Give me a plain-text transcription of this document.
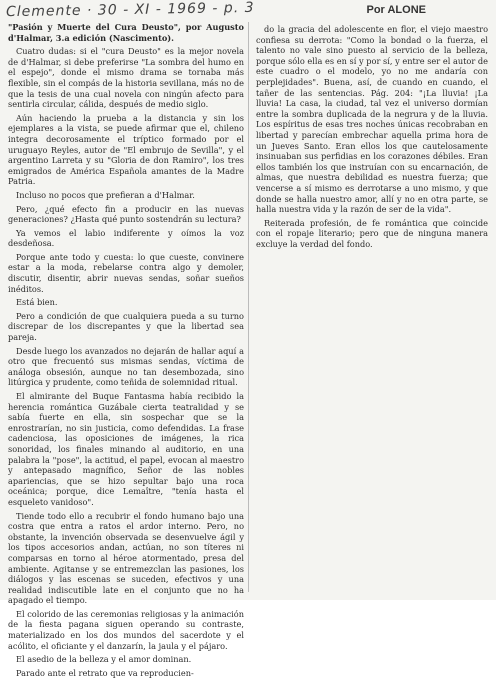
Clemente · 30 - XI - 1969 - p. 3	Por ALONE

"Pasión y Muerte del Cura Deusto", por Augusto d'Halmar, 3.a edición (Nascimento).

Cuatro dudas: si el "cura Deusto" es la mejor novela de d'Halmar, si debe preferirse "La sombra del humo en el espejo", donde el mismo drama se tornaba más flexible, sin el compás de la historia sevillana, más no de que la tesis de una cual novela con ningún afecto para sentirla circular, cálida, después de medio siglo.

Aún haciendo la prueba a la distancia y sin los ejemplares a la vista, se puede afirmar que el, chileno integra decorosamente el tríptico formado por el uruguayo Reyles, autor de "El embrujo de Sevilla", y el argentino Larreta y su "Gloria de don Ramiro", los tres emigrados de América Española amantes de la Madre Patria.

Incluso no pocos que prefieran a d'Halmar.

Pero, ¿qué efecto fin a producir en las nuevas generaciones? ¿Hasta qué punto sostendrán su lectura?

Ya vemos el labio indiferente y oímos la voz desdeñosa.

Porque ante todo y cuesta: lo que cueste, convinere estar a la moda, rebelarse contra algo y demoler, discutir, disentir, abrir nuevas sendas, soñar sueños inéditos.

Está bien.

Pero a condición de que cualquiera pueda a su turno discrepar de los discrepantes y que la libertad sea pareja.

Desde luego los avanzados no dejarán de hallar aquí a otro que frecuentó sus mismas sendas, víctima de análoga obsesión, aunque no tan desembozada, sino litúrgica y prudente, como teñida de solemnidad ritual.

El almirante del Buque Fantasma había recibido la herencia romántica Guzábale cierta teatralidad y se sabía fuerte en ella, sin sospechar que se la enrostrarían, no sin justicia, como defendidas. La frase cadenciosa, las oposiciones de imágenes, la rica sonoridad, los finales minando al auditorio, en una palabra la "pose", la actitud, el papel, evocan al maestro y antepasado magnífico, Señor de las nobles apariencias, que se hizo sepultar bajo una roca oceánica; porque, dice Lemaître, "tenía hasta el esqueleto vanidoso".

Tiende todo ello a recubrir el fondo humano bajo una costra que entra a ratos el ardor interno. Pero, no obstante, la invención observada se desenvuelve ágil y los tipos accesorios andan, actúan, no son títeres ni comparsas en torno al héroe atormentado, presa del ambiente. Agitanse y se entremezclan las pasiones, los diálogos y las escenas se suceden, efectivos y una realidad indiscutible late en el conjunto que no ha apagado el tiempo.

El colorido de las ceremonias religiosas y la animación de la fiesta pagana siguen operando su contraste, materializado en los dos mundos del sacerdote y el acólito, el oficiante y el danzarín, la jaula y el pájaro.

El asedio de la belleza y el amor dominan.

Parado ante el retrato que va reproducien-

do la gracia del adolescente en flor, el viejo maestro confiesa su derrota: "Como la bondad o la fuerza, el talento no vale sino puesto al servicio de la belleza, porque sólo ella es en sí y por sí, y entre ser el autor de este cuadro o el modelo, yo no me andaría con perplejidades". Buena, así, de cuando en cuando, el tañer de las sentencias. Pág. 204: "¡La lluvia! ¡La lluvia! La casa, la ciudad, tal vez el universo dormían entre la sombra duplicada de la negrura y de la lluvia. Los espíritus de esas tres noches únicas recobraban en libertad y parecían embrechar aquella prima hora de un Jueves Santo. Eran ellos los que cautelosamente insinuaban sus perfidias en los corazones débiles. Eran ellos también los que instruían con su encarnación, de almas, que nuestra debilidad es nuestra fuerza; que vencerse a sí mismo es derrotarse a uno mismo, y que donde se halla nuestro amor, allí y no en otra parte, se halla nuestra vida y la razón de ser de la vida".

Reiterada profesión, de fe romántica que coincide con el ropaje literario; pero que de ninguna manera excluye la verdad del fondo.
